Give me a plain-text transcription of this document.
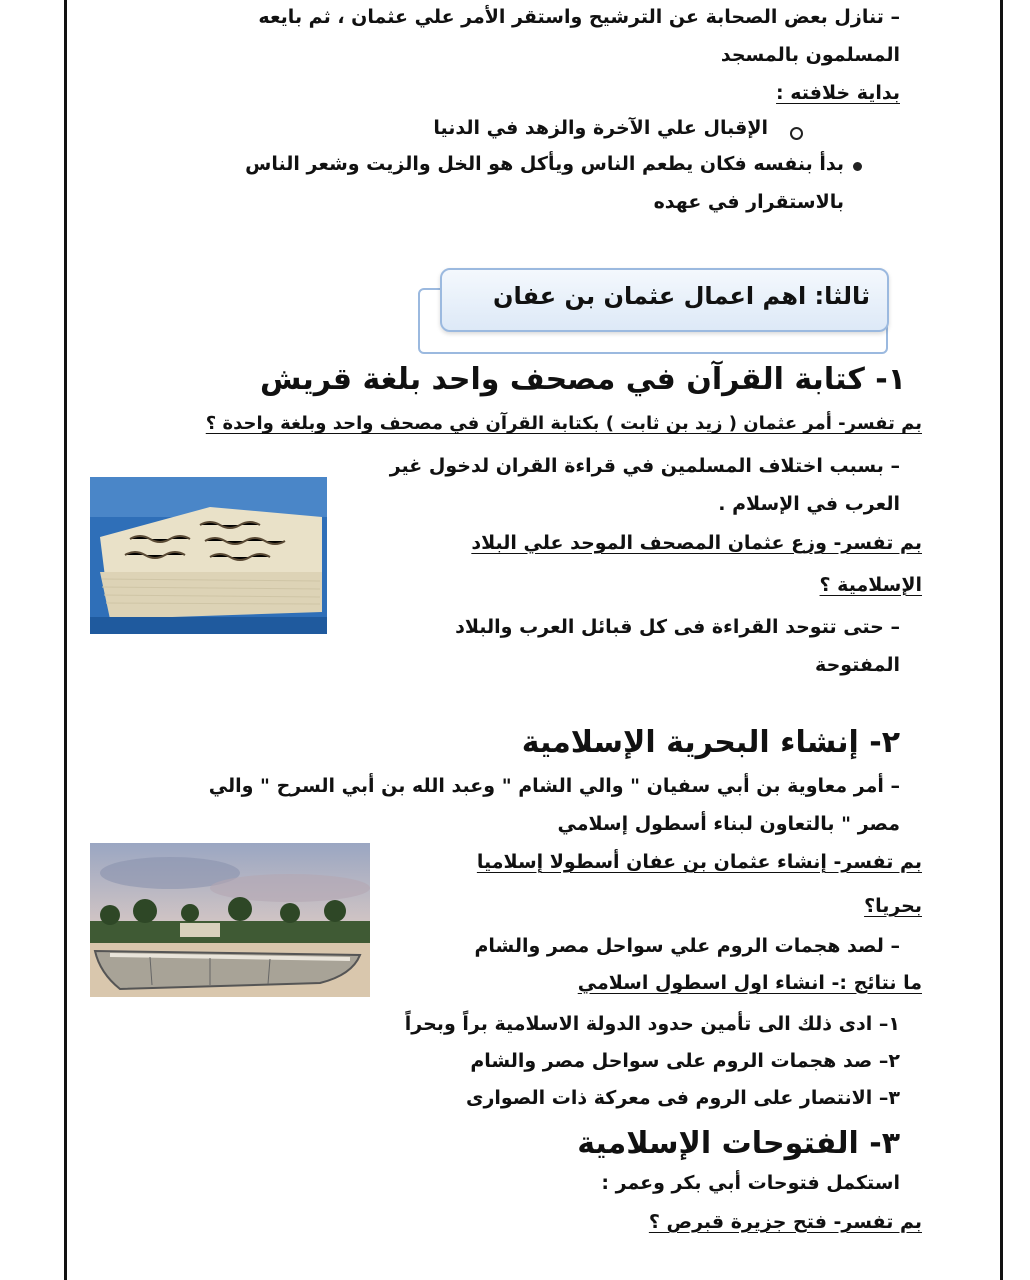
– تنازل بعض الصحابة عن الترشيح واستقر الأمر علي عثمان ، ثم بايعه
المسلمون بالمسجد
بداية خلافته :
الإقبال علي الآخرة والزهد في الدنيا
بدأ بنفسه فكان يطعم الناس ويأكل هو الخل والزيت وشعر الناس
بالاستقرار في عهده
ثالثا: اهم اعمال عثمان بن عفان
١- كتابة القرآن في مصحف واحد بلغة قريش
بم تفسر- أمر عثمان ( زيد بن ثابت ) بكتابة القرآن في مصحف واحد وبلغة واحدة ؟
– بسبب اختلاف المسلمين في قراءة القران لدخول غير
العرب في الإسلام .
بم تفسر- وزع عثمان المصحف الموحد علي البلاد
الإسلامية ؟
– حتى تتوحد القراءة فى كل قبائل العرب والبلاد
المفتوحة
٢- إنشاء البحرية الإسلامية
– أمر معاوية بن أبي سفيان " والي الشام " وعبد الله بن أبي السرح " والي
مصر " بالتعاون لبناء أسطول إسلامي
بم تفسر- إنشاء عثمان بن عفان أسطولا إسلاميا
بحريا؟
– لصد هجمات الروم علي سواحل مصر والشام
ما نتائج :- انشاء اول اسطول اسلامي
١– ادى ذلك الى تأمين حدود الدولة الاسلامية براً وبحراً
٢– صد هجمات الروم على سواحل مصر والشام
٣– الانتصار على الروم فى معركة ذات الصوارى
٣- الفتوحات الإسلامية
استكمل فتوحات أبي بكر وعمر :
بم تفسر- فتح جزيرة قبرص ؟
